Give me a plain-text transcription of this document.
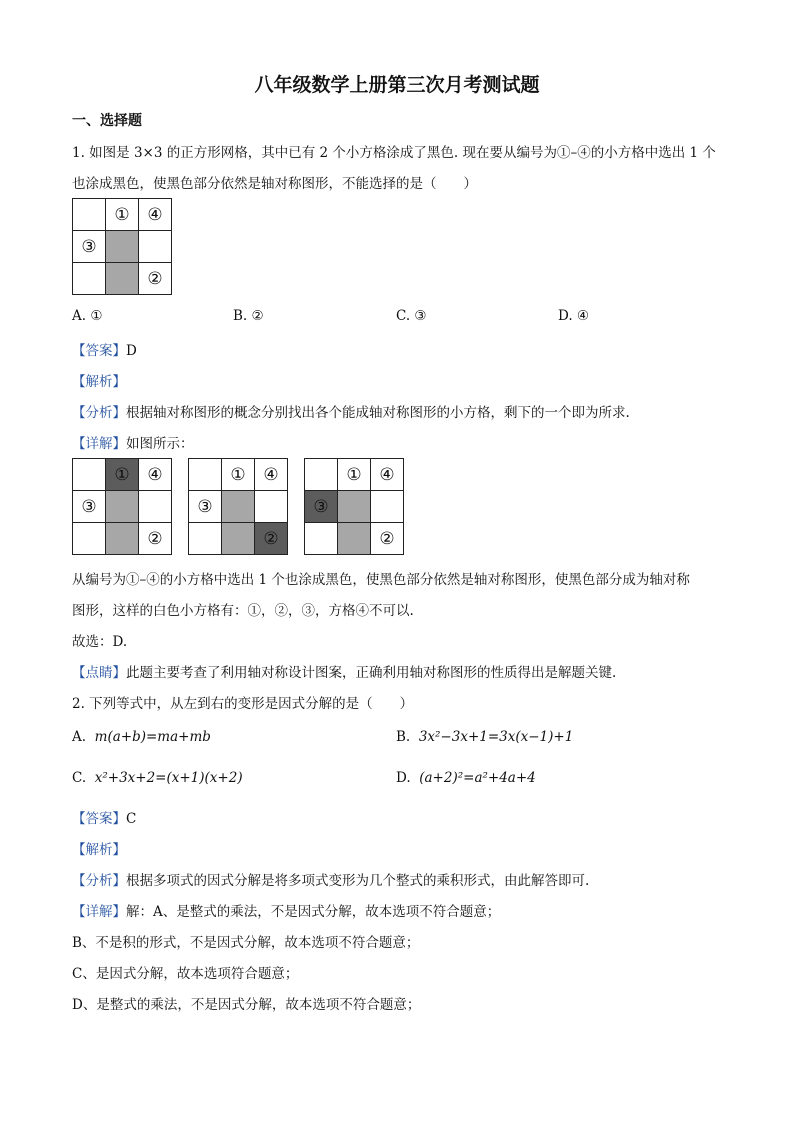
八年级数学上册第三次月考测试题
一、选择题
1. 如图是 3×3 的正方形网格，其中已有 2 个小方格涂成了黑色. 现在要从编号为①–④的小方格中选出 1 个
也涂成黑色，使黑色部分依然是轴对称图形，不能选择的是（　　）
	①	④
③		
		②
A. ①	B. ②	C. ③	D. ④
【答案】D
【解析】
【分析】根据轴对称图形的概念分别找出各个能成轴对称图形的小方格，剩下的一个即为所求.
【详解】如图所示：
	①	④
③		
		②
	①	④
③		
		②
	①	④
③		
		②
从编号为①–④的小方格中选出 1 个也涂成黑色，使黑色部分依然是轴对称图形，使黑色部分成为轴对称
图形，这样的白色小方格有：①，②，③，方格④不可以.
故选：D.
【点睛】此题主要考查了利用轴对称设计图案，正确利用轴对称图形的性质得出是解题关键.
2. 下列等式中，从左到右的变形是因式分解的是（　　）
A. m(a+b)=ma+mb	B. 3x²−3x+1=3x(x−1)+1
C. x²+3x+2=(x+1)(x+2)	D. (a+2)²=a²+4a+4
【答案】C
【解析】
【分析】根据多项式的因式分解是将多项式变形为几个整式的乘积形式，由此解答即可.
【详解】解：A、是整式的乘法，不是因式分解，故本选项不符合题意；
B、不是积的形式，不是因式分解，故本选项不符合题意；
C、是因式分解，故本选项符合题意；
D、是整式的乘法，不是因式分解，故本选项不符合题意；
